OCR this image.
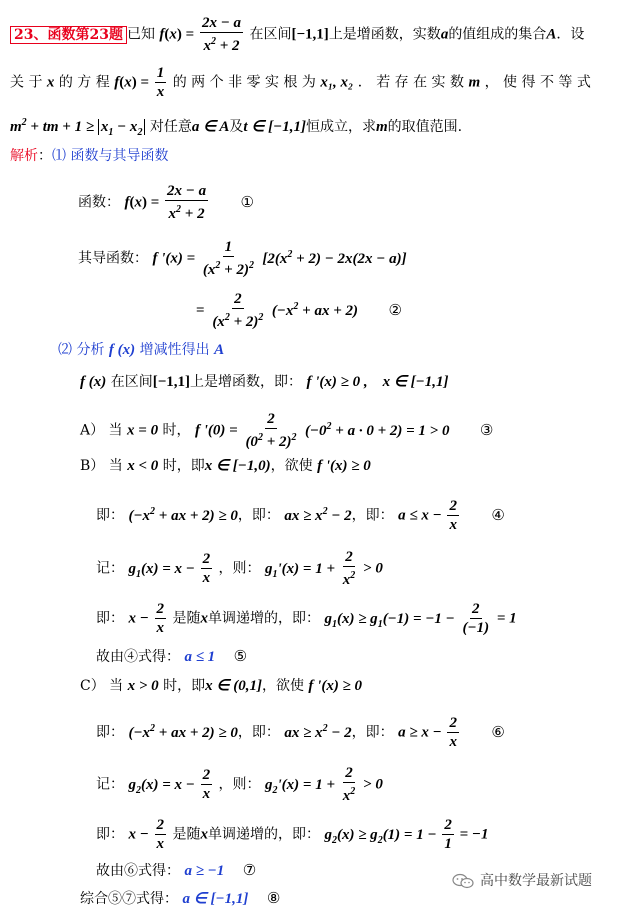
23、函数第23题 已知 $f(x) = \frac{2x - a}{x^2 + 2}$ 在区间[−1,1]上是增函数，实数a的值组成的集合A．设
关 于 x 的 方 程 $f(x) = \frac{1}{x}$ 的 两 个 非 零 实 根 为 x₁, x₂ ． 若 存 在 实 数 m ， 使 得 不 等 式
$m^2$ + tm + $1 \ge x_1 - x_2$ 对任意a ∈ A及t ∈ [−1,1]恒成立，求m的取值范围.
解析：⑴ 函数与其导函数
函数： $f(x) = \frac{2x - a}{x^2 + 2}$ ①
其导函数： f '$(x) = \frac{1}{(x^2 + 2)^2} [2(x^2 + 2) - 2x(2x - a)]$
= $\frac{2}{(x^2 + 2)^2} (-x^2$ + ax + 2) ②
⑵ 分析 f (x) 增减性得出 A
f (x) 在区间[−1,1]上是增函数，即： f '(x) ≥ 0 ,    x ∈ [−1,1]
A） 当 x = 0 时， f '$(0) = \frac{2}{(0^2 + 2)^2} (-0^2 + a \cdot 0 + 2) = 1 > 0$ ③
B） 当 x < 0 时，即x ∈ [−1,0)，欲使 f '(x) ≥ 0
即： ($-x^2$ + ax + 2) ≥ 0，即： ax ≥ $x^2 - 2$，即： $a \le x - \frac{2}{x}$ ④
记： $g_1(x) = x - \frac{2}{x}$ ，则： $g_1'(x) = 1 + \frac{2}{x^2} > 0$
即： $x - \frac{2}{x}$ 是随x单调递增的，即： $g_1(x) \ge g_1(-1) = -1 - \frac{2}{(-1)} = 1$
故由④式得： a ≤ 1 ⑤
C） 当 x > 0 时，即x ∈ (0,1]，欲使 f '(x) ≥ 0
即： ($-x^2$ + ax + 2) ≥ 0，即： ax ≥ $x^2 - 2$，即： $a \ge x - \frac{2}{x}$ ⑥
记： $g_2(x) = x - \frac{2}{x}$ ，则： $g_2'(x) = 1 + \frac{2}{x^2} > 0$
即： $x - \frac{2}{x}$ 是随x单调递增的，即： $g_2(x) \ge g_2(1) = 1 - \frac{2}{1} = -1$
故由⑥式得： a ≥ −1 ⑦
综合⑤⑦式得： a ∈ [−1,1] ⑧
高中数学最新试题
